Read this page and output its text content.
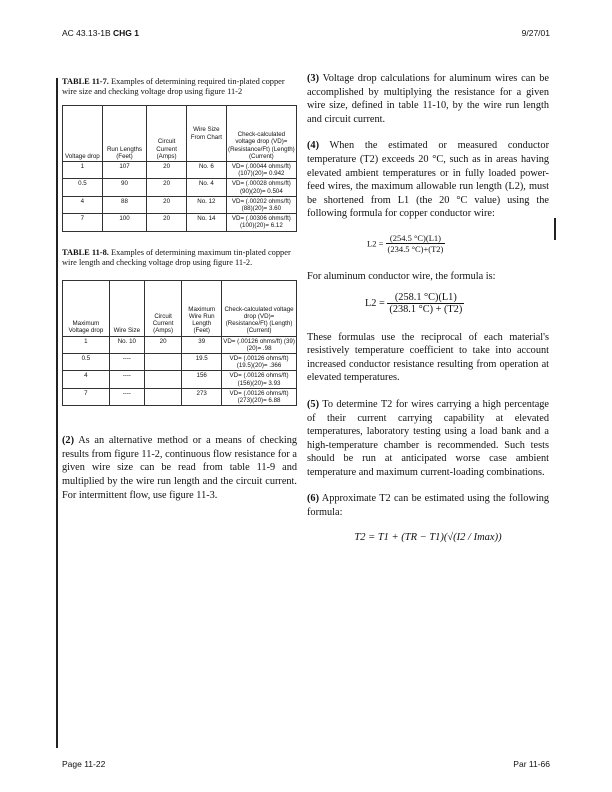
AC 43.13-1B CHG 1	9/27/01

TABLE 11-7. Examples of determining required tin-plated copper wire size and checking voltage drop using figure 11-2

Voltage drop	Run Lengths (Feet)	Circuit Current (Amps)	Wire Size From Chart	Check-calculated voltage drop (VD)= (Resistance/Ft) (Length) (Current)
1	107	20	No. 6	VD= (.00044 ohms/ft) (107)(20)= 0.942
0.5	90	20	No. 4	VD= (.00028 ohms/ft) (90)(20)= 0.504
4	88	20	No. 12	VD= (.00202 ohms/ft) (88)(20)= 3.60
7	100	20	No. 14	VD= (.00306 ohms/ft) (100)(20)= 6.12

TABLE 11-8. Examples of determining maximum tin-plated copper wire length and checking voltage drop using figure 11-2.

Maximum Voltage drop	Wire Size	Circuit Current (Amps)	Maximum Wire Run Length (Feet)	Check-calculated voltage drop (VD)= (Resistance/Ft) (Length) (Current)
1	No. 10	20	39	VD= (.00126 ohms/ft) (39)(20)= .98
0.5	----		19.5	VD= (.00126 ohms/ft) (19.5)(20)= .366
4	----		156	VD= (.00126 ohms/ft) (156)(20)= 3.93
7	----		273	VD= (.00126 ohms/ft) (273)(20)= 6.88

(2) As an alternative method or a means of checking results from figure 11-2, continuous flow resistance for a given wire size can be read from table 11-9 and multiplied by the wire run length and the circuit current. For intermittent flow, use figure 11-3.

(3) Voltage drop calculations for aluminum wires can be accomplished by multiplying the resistance for a given wire size, defined in table 11-10, by the wire run length and circuit current.

(4) When the estimated or measured conductor temperature (T2) exceeds 20 °C, such as in areas having elevated ambient temperatures or in fully loaded power-feed wires, the maximum allowable run length (L2), must be shortened from L1 (the 20 °C value) using the following formula for copper conductor wire:

$L2 = \frac{(254.5 ^\circ C)(L1)}{(234.5 ^\circ C)+(T2)}$

For aluminum conductor wire, the formula is:

$L2 = \frac{(258.1 ^\circ C)(L1)}{(238.1 ^\circ C) + (T2)}$

These formulas use the reciprocal of each material's resistively temperature coefficient to take into account increased conductor resistance resulting from operation at elevated temperatures.

(5) To determine T2 for wires carrying a high percentage of their current carrying capability at elevated temperatures, laboratory testing using a load bank and a high-temperature chamber is recommended. Such tests should be run at anticipated worse case ambient temperature and maximum current-loading combinations.

(6) Approximate T2 can be estimated using the following formula:

T2 = T1 + (TR − T1)(√(I2 / Imax))
Page 11-22	Par 11-66
